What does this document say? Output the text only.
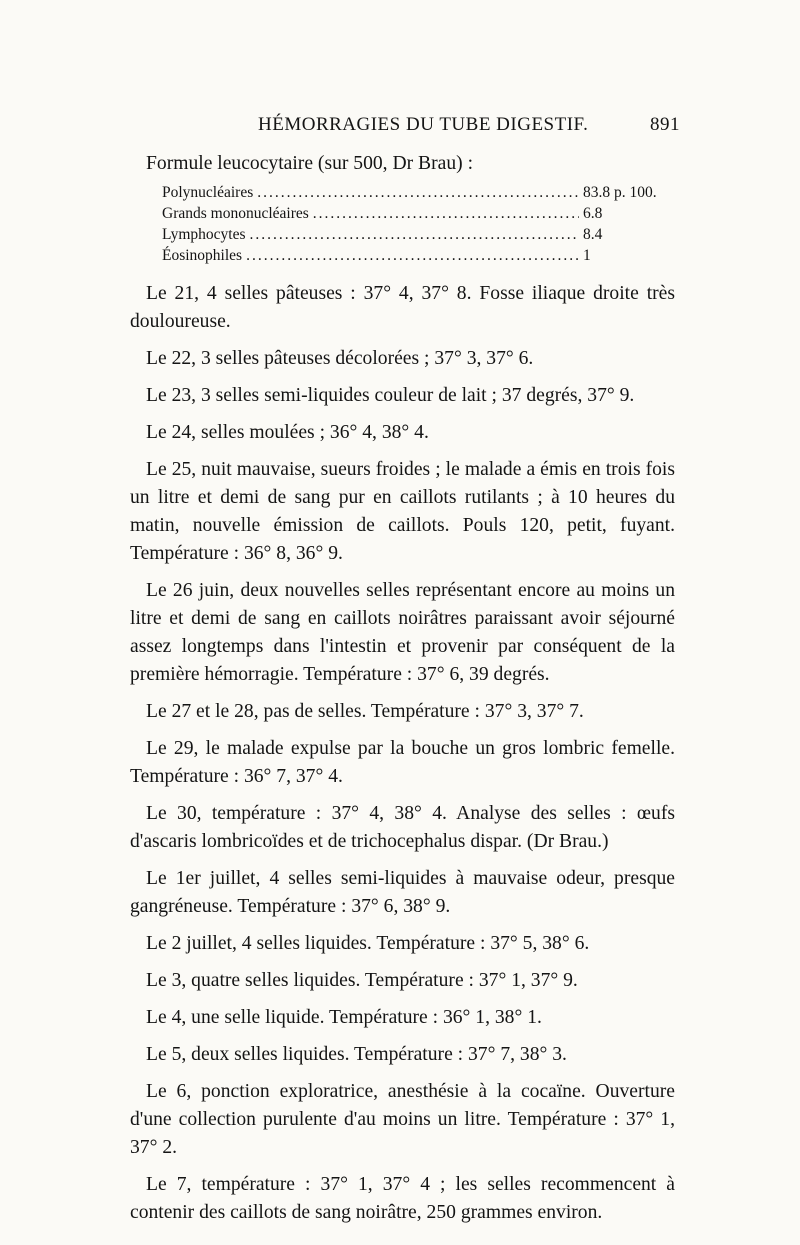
HÉMORRAGIES DU TUBE DIGESTIF.	891
Formule leucocytaire (sur 500, Dr Brau) :
Polynucléaires .....	83.8 p. 100.
Grands mononucléaires .....	6.8
Lymphocytes .....	8.4
Éosinophiles .....	1

Le 21, 4 selles pâteuses : 37° 4, 37° 8. Fosse iliaque droite très douloureuse.

Le 22, 3 selles pâteuses décolorées ; 37° 3, 37° 6.

Le 23, 3 selles semi-liquides couleur de lait ; 37 degrés, 37° 9.

Le 24, selles moulées ; 36° 4, 38° 4.

Le 25, nuit mauvaise, sueurs froides ; le malade a émis en trois fois un litre et demi de sang pur en caillots rutilants ; à 10 heures du matin, nouvelle émission de caillots. Pouls 120, petit, fuyant. Température : 36° 8, 36° 9.

Le 26 juin, deux nouvelles selles représentant encore au moins un litre et demi de sang en caillots noirâtres paraissant avoir séjourné assez longtemps dans l'intestin et provenir par conséquent de la première hémorragie. Température : 37° 6, 39 degrés.

Le 27 et le 28, pas de selles. Température : 37° 3, 37° 7.

Le 29, le malade expulse par la bouche un gros lombric femelle. Température : 36° 7, 37° 4.

Le 30, température : 37° 4, 38° 4. Analyse des selles : œufs d'ascaris lombricoïdes et de trichocephalus dispar. (Dr Brau.)

Le 1er juillet, 4 selles semi-liquides à mauvaise odeur, presque gangréneuse. Température : 37° 6, 38° 9.

Le 2 juillet, 4 selles liquides. Température : 37° 5, 38° 6.

Le 3, quatre selles liquides. Température : 37° 1, 37° 9.

Le 4, une selle liquide. Température : 36° 1, 38° 1.

Le 5, deux selles liquides. Température : 37° 7, 38° 3.

Le 6, ponction exploratrice, anesthésie à la cocaïne. Ouverture d'une collection purulente d'au moins un litre. Température : 37° 1, 37° 2.

Le 7, température : 37° 1, 37° 4 ; les selles recommencent à contenir des caillots de sang noirâtre, 250 grammes environ.
